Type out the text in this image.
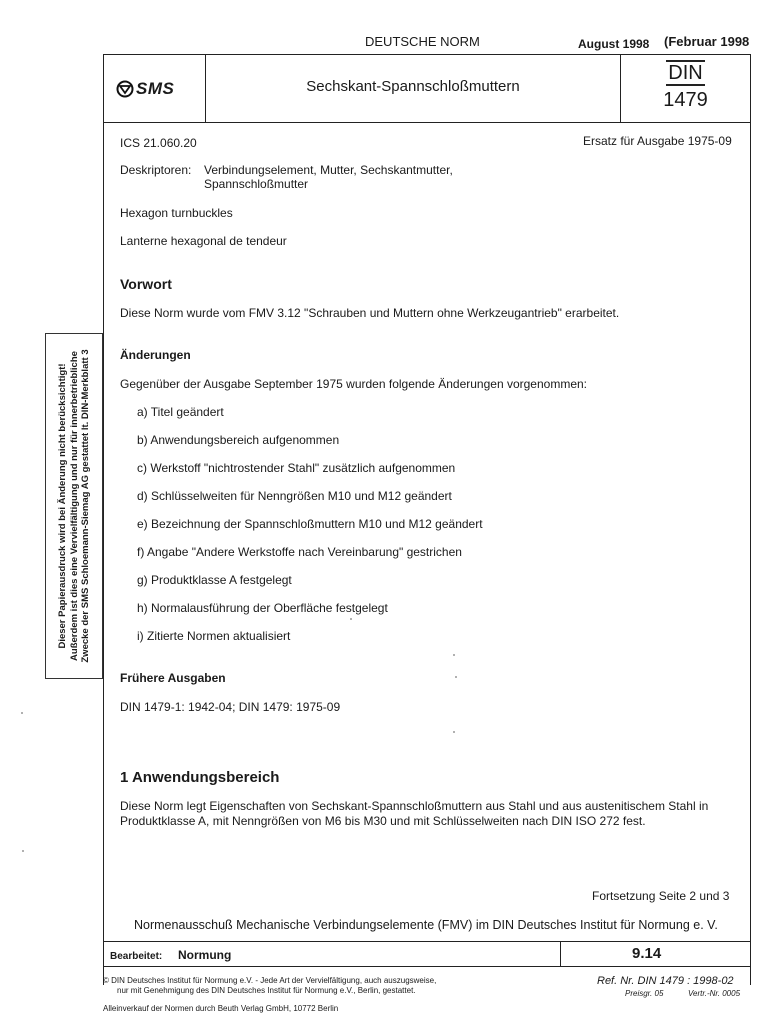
DEUTSCHE NORM	August 1998 (Februar 1998
SMS	Sechskant-Spannschloßmuttern
DIN
1479
ICS 21.060.20	Ersatz für Ausgabe 1975-09
Deskriptoren: Verbindungselement, Mutter, Sechskantmutter,
Spannschloßmutter
Hexagon turnbuckles
Lanterne hexagonal de tendeur
Vorwort
Diese Norm wurde vom FMV 3.12 "Schrauben und Muttern ohne Werkzeugantrieb" erarbeitet.
Änderungen
Gegenüber der Ausgabe September 1975 wurden folgende Änderungen vorgenommen:
a) Titel geändert
b) Anwendungsbereich aufgenommen
c) Werkstoff "nichtrostender Stahl" zusätzlich aufgenommen
d) Schlüsselweiten für Nenngrößen M10 und M12 geändert
e) Bezeichnung der Spannschloßmuttern M10 und M12 geändert
f) Angabe "Andere Werkstoffe nach Vereinbarung" gestrichen
g) Produktklasse A festgelegt
h) Normalausführung der Oberfläche festgelegt
i) Zitierte Normen aktualisiert
Frühere Ausgaben
DIN 1479-1: 1942-04; DIN 1479: 1975-09
1 Anwendungsbereich
Diese Norm legt Eigenschaften von Sechskant-Spannschloßmuttern aus Stahl und aus austenitischem Stahl in
Produktklasse A, mit Nenngrößen von M6 bis M30 und mit Schlüsselweiten nach DIN ISO 272 fest.
Fortsetzung Seite 2 und 3
Normenausschuß Mechanische Verbindungselemente (FMV) im DIN Deutsches Institut für Normung e. V.
Bearbeitet: Normung	9.14
© DIN Deutsches Institut für Normung e.V. - Jede Art der Vervielfältigung, auch auszugsweise,
nur mit Genehmigung des DIN Deutsches Institut für Normung e.V., Berlin, gestattet.
Alleinverkauf der Normen durch Beuth Verlag GmbH, 10772 Berlin
Ref. Nr. DIN 1479 : 1998-02
Preisgr. 05	Vertr.-Nr. 0005
Dieser Papierausdruck wird bei Änderung nicht berücksichtigt! Außerdem ist dies eine Vervielfältigung und nur für innerbetriebliche Zwecke der SMS Schloemann-Siemag AG gestattet lt. DIN-Merkblatt 3
